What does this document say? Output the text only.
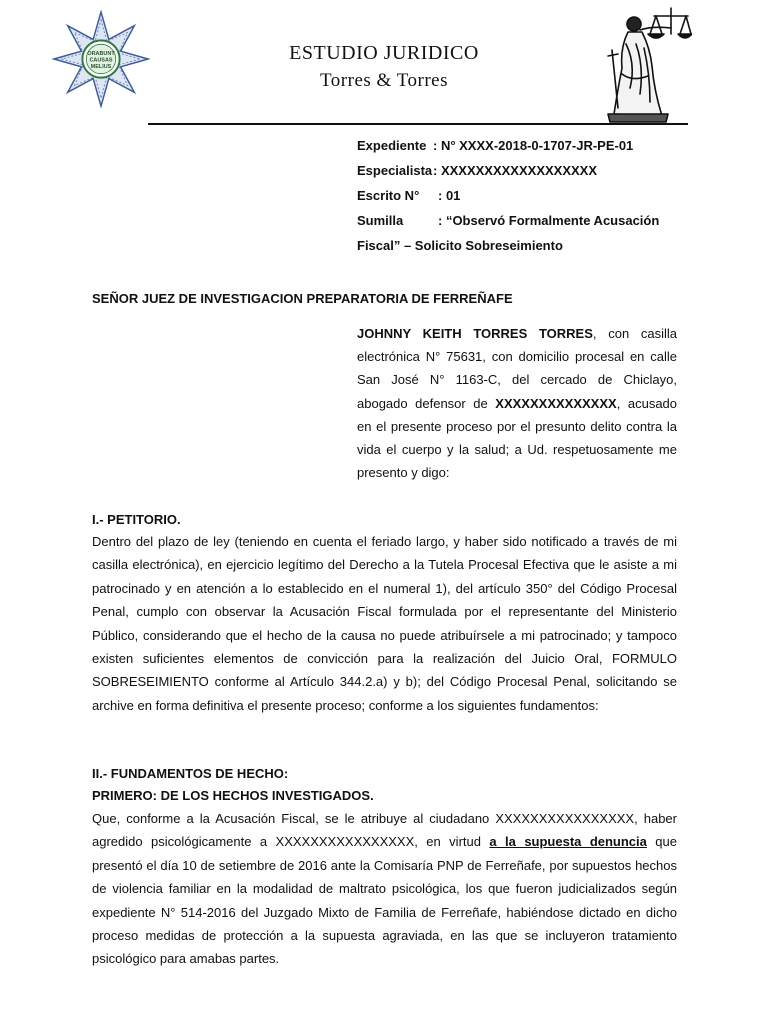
ORABUNT
CAUSAS
MELIUS
ESTUDIO JURIDICO
Torres & Torres
Expediente : N° XXXX-2018-0-1707-JR-PE-01
Especialista: XXXXXXXXXXXXXXXXXX
Escrito N° : 01
Sumilla	: “Observó Formalmente Acusación
Fiscal” – Solicito Sobreseimiento
SEÑOR JUEZ DE INVESTIGACION PREPARATORIA DE FERREÑAFE

JOHNNY KEITH TORRES TORRES, con casilla electrónica N° 75631, con domicilio procesal en calle San José N° 1163-C, del cercado de Chiclayo, abogado defensor de XXXXXXXXXXXXXX, acusado en el presente proceso por el presunto delito contra la vida el cuerpo y la salud; a Ud. respetuosamente me presento y digo:

I.- PETITORIO.

Dentro del plazo de ley (teniendo en cuenta el feriado largo, y haber sido notificado a través de mi casilla electrónica), en ejercicio legítimo del Derecho a la Tutela Procesal Efectiva que le asiste a mi patrocinado y en atención a lo establecido en el numeral 1), del artículo 350° del Código Procesal Penal, cumplo con observar la Acusación Fiscal formulada por el representante del Ministerio Público, considerando que el hecho de la causa no puede atribuírsele a mi patrocinado; y tampoco existen suficientes elementos de convicción para la realización del Juicio Oral, FORMULO SOBRESEIMIENTO conforme al Artículo 344.2.a) y b); del Código Procesal Penal, solicitando se archive en forma definitiva el presente proceso; conforme a los siguientes fundamentos:

II.- FUNDAMENTOS DE HECHO:
PRIMERO: DE LOS HECHOS INVESTIGADOS.

Que, conforme a la Acusación Fiscal, se le atribuye al ciudadano XXXXXXXXXXXXXXXX, haber agredido psicológicamente a XXXXXXXXXXXXXXXX, en virtud a la supuesta denuncia que presentó el día 10 de setiembre de 2016 ante la Comisaría PNP de Ferreñafe, por supuestos hechos de violencia familiar en la modalidad de maltrato psicológica, los que fueron judicializados según expediente N° 514-2016 del Juzgado Mixto de Familia de Ferreñafe, habiéndose dictado en dicho proceso medidas de protección a la supuesta agraviada, en las que se incluyeron tratamiento psicológico para amabas partes.
